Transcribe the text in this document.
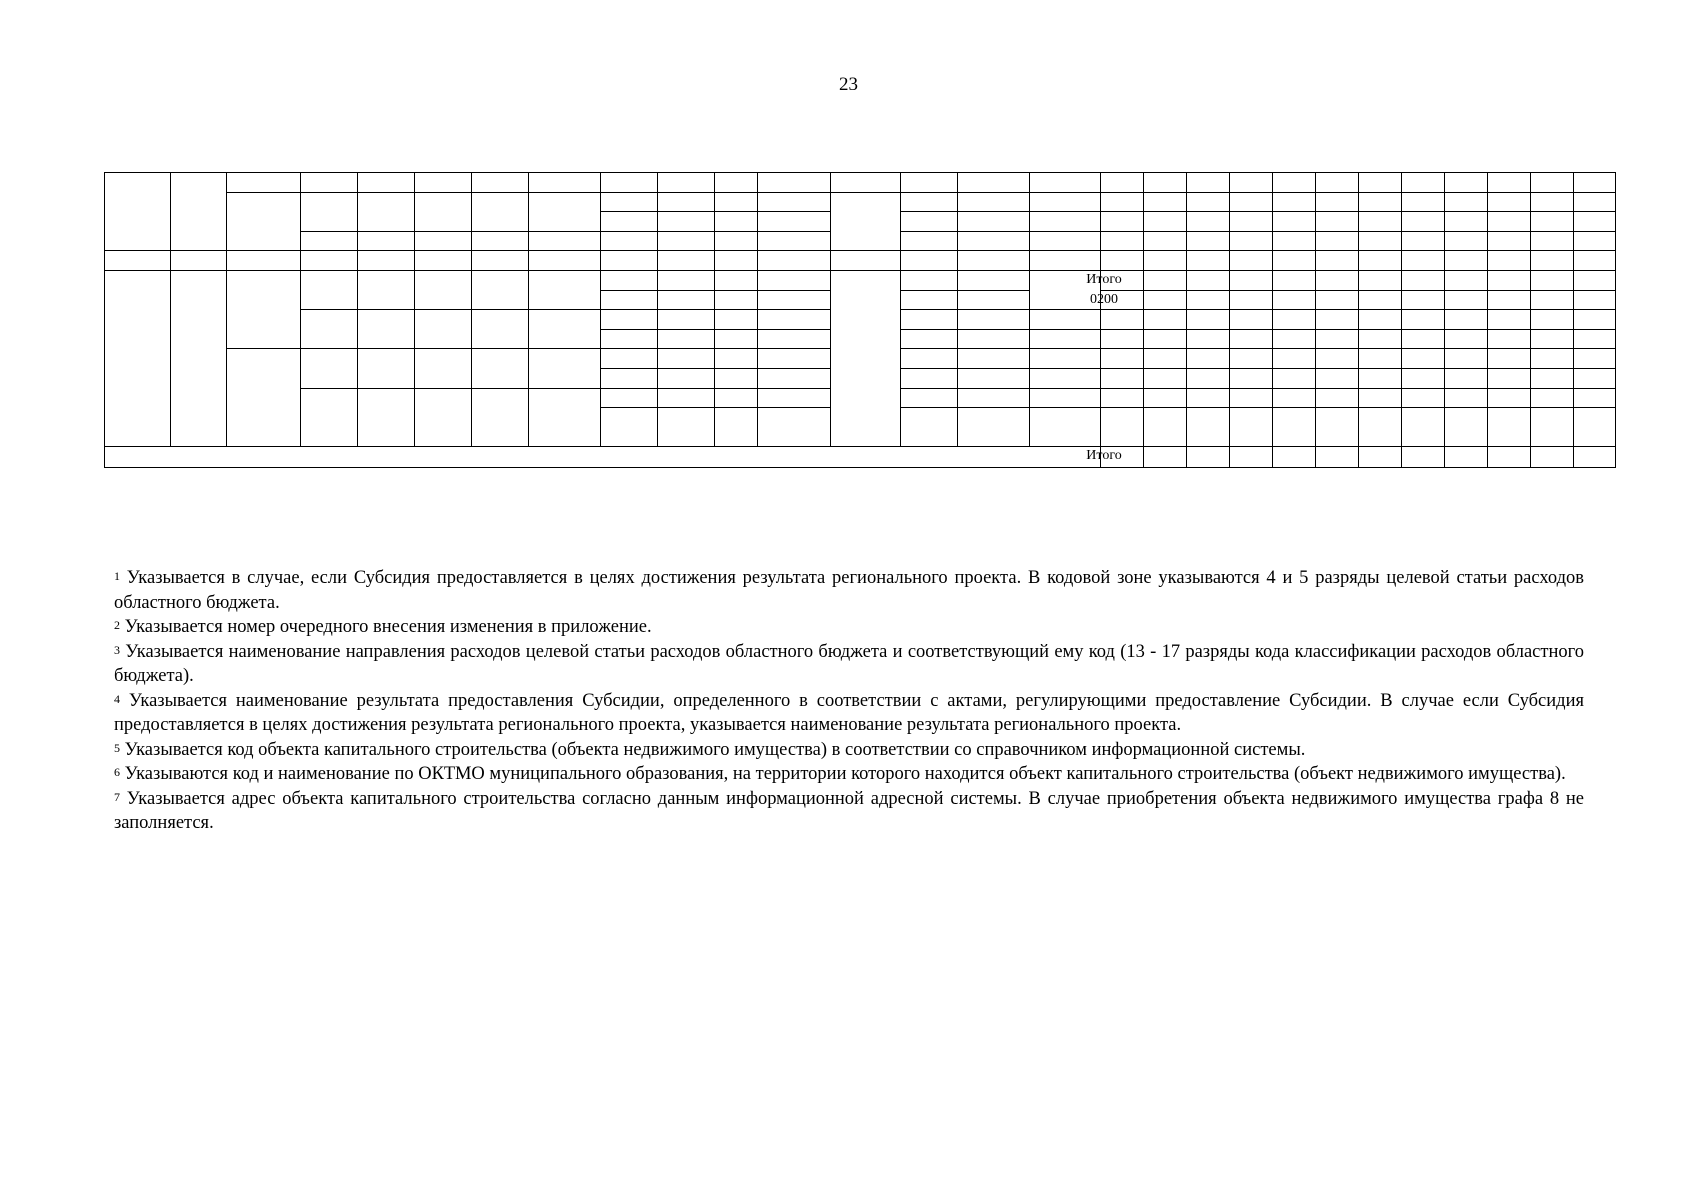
23
Итого
0200
Итого

$^1$ Указывается в случае, если Субсидия предоставляется в целях достижения результата регионального проекта. В кодовой зоне указываются 4 и 5 разряды целевой статьи расходов областного бюджета.

$^2$ Указывается номер очередного внесения изменения в приложение.

$^3$ Указывается наименование направления расходов целевой статьи расходов областного бюджета и соответствующий ему код (13 - 17 разряды кода классификации расходов областного бюджета).

$^4$ Указывается наименование результата предоставления Субсидии, определенного в соответствии с актами, регулирующими предоставление Субсидии. В случае если Субсидия предоставляется в целях достижения результата регионального проекта, указывается наименование результата регионального проекта.

$^5$ Указывается код объекта капитального строительства (объекта недвижимого имущества) в соответствии со справочником информационной системы.

$^6$ Указываются код и наименование по ОКТМО муниципального образования, на территории которого находится объект капитального строительства (объект недвижимого имущества).

$^7$ Указывается адрес объекта капитального строительства согласно данным информационной адресной системы. В случае приобретения объекта недвижимого имущества графа 8 не заполняется.
